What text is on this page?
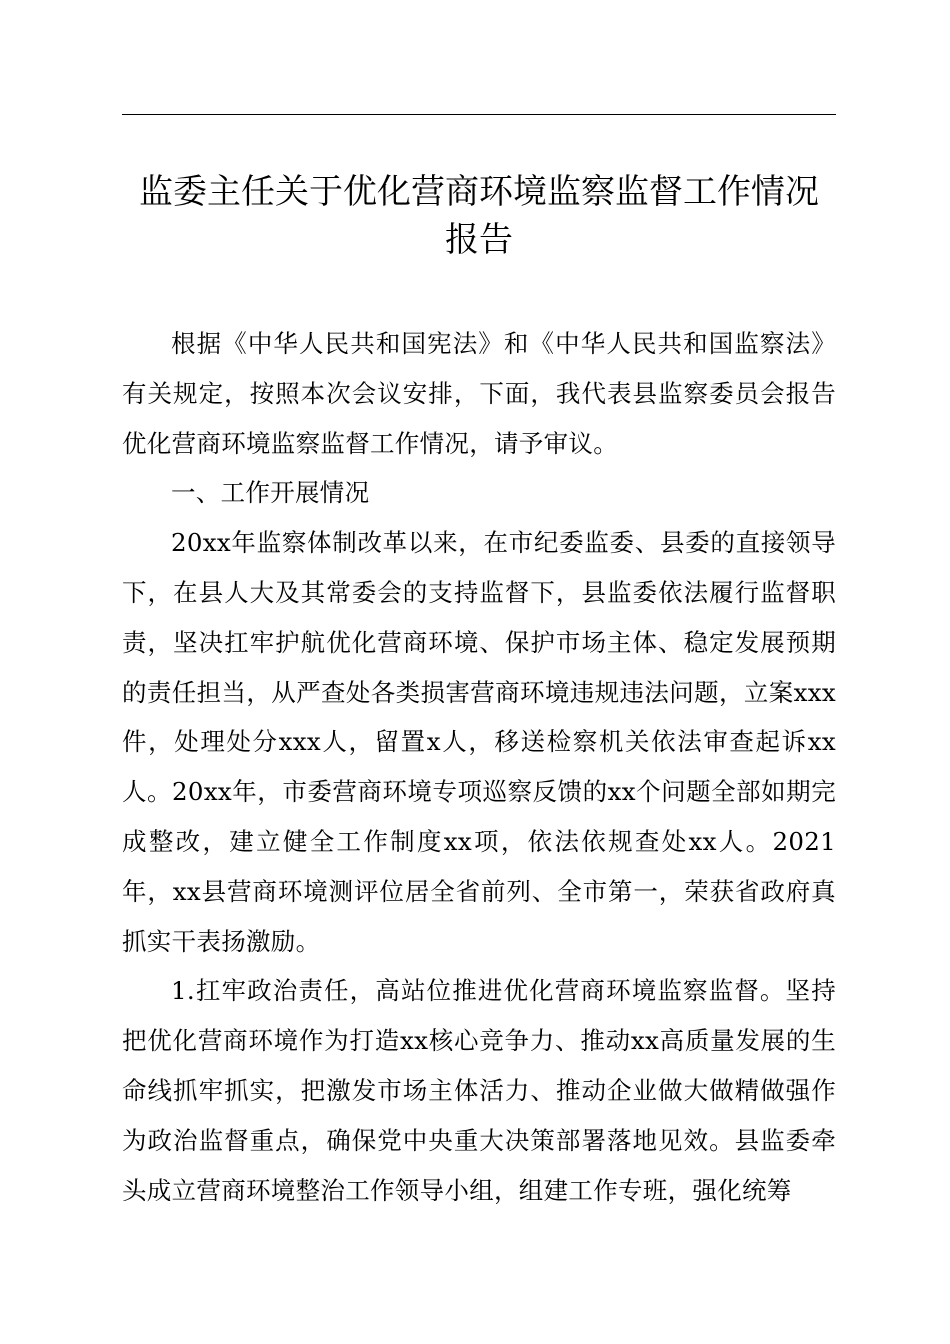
监委主任关于优化营商环境监察监督工作情况
报告

根据《中华人民共和国宪法》和《中华人民共和国监察法》有关规定，按照本次会议安排，下面，我代表县监察委员会报告优化营商环境监察监督工作情况，请予审议。

一、工作开展情况

20xx年监察体制改革以来，在市纪委监委、县委的直接领导下，在县人大及其常委会的支持监督下，县监委依法履行监督职责，坚决扛牢护航优化营商环境、保护市场主体、稳定发展预期的责任担当，从严查处各类损害营商环境违规违法问题，立案xxx件，处理处分xxx人，留置x人，移送检察机关依法审查起诉xx人。20xx年，市委营商环境专项巡察反馈的xx个问题全部如期完成整改，建立健全工作制度xx项，依法依规查处xx人。2021年，xx县营商环境测评位居全省前列、全市第一，荣获省政府真抓实干表扬激励。

1.扛牢政治责任，高站位推进优化营商环境监察监督。坚持把优化营商环境作为打造xx核心竞争力、推动xx高质量发展的生命线抓牢抓实，把激发市场主体活力、推动企业做大做精做强作为政治监督重点，确保党中央重大决策部署落地见效。县监委牵头成立营商环境整治工作领导小组，组建工作专班，强化统筹
